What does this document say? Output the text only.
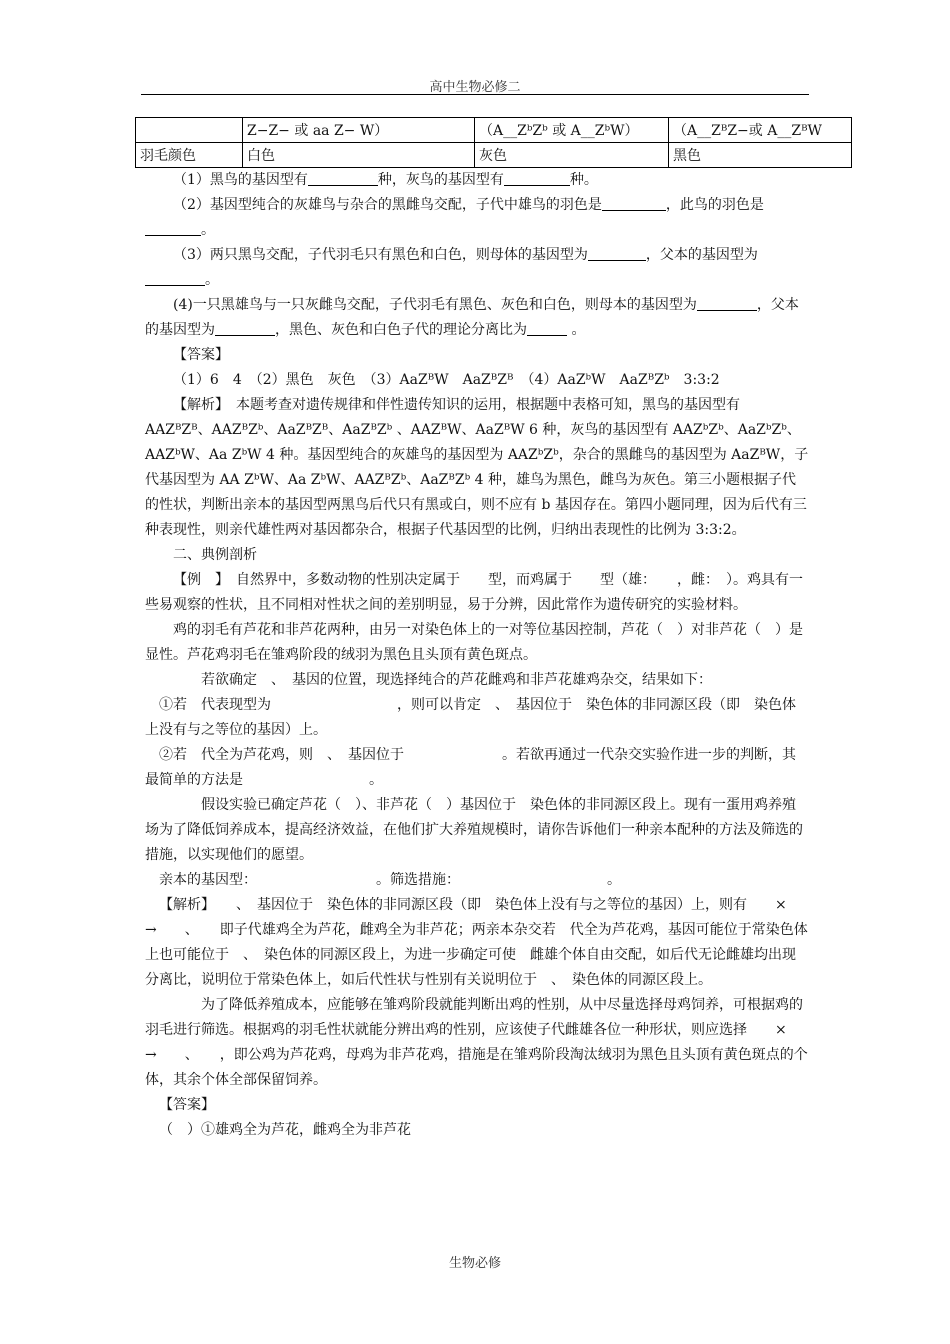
高中生物必修二
	Z−Z− 或 aa Z− W）	（A__ZᵇZᵇ 或 A__ZᵇW）	（A__ZᴮZ−或 A__ZᴮW
羽毛颜色	白色	灰色	黑色

（1）黑鸟的基因型有	种，灰鸟的基因型有	种。

（2）基因型纯合的灰雄鸟与杂合的黑雌鸟交配，子代中雄鸟的羽色是	，此鸟的羽色是。

（3）两只黑鸟交配，子代羽毛只有黑色和白色，则母体的基因型为	，父本的基因型为。

(4)一只黑雄鸟与一只灰雌鸟交配，子代羽毛有黑色、灰色和白色，则母本的基因型为	，父本的基因型为	，黑色、灰色和白色子代的理论分离比为	。

【答案】

（1）6　4　（2）黑色　灰色　（3）AaZᴮW　AaZᴮZᴮ　（4）AaZᵇW　AaZᴮZᵇ　3:3:2

【解析】　本题考查对遗传规律和伴性遗传知识的运用，根据题中表格可知，黑鸟的基因型有 AAZᴮZᴮ、AAZᴮZᵇ、AaZᴮZᴮ、AaZᴮZᵇ 、AAZᴮW、AaZᴮW 6 种，灰鸟的基因型有 AAZᵇZᵇ、AaZᵇZᵇ、AAZᵇW、Aa ZᵇW 4 种。基因型纯合的灰雄鸟的基因型为 AAZᵇZᵇ，杂合的黑雌鸟的基因型为 AaZᴮW，子代基因型为 AA ZᵇW、Aa ZᵇW、AAZᴮZᵇ、AaZᴮZᵇ 4 种，雄鸟为黑色，雌鸟为灰色。第三小题根据子代的性状，判断出亲本的基因型两黑鸟后代只有黑或白，则不应有 b 基因存在。第四小题同理，因为后代有三种表现性，则亲代雄性两对基因都杂合，根据子代基因型的比例，归纳出表现性的比例为 3:3:2。

二、典例剖析

【例　】　自然界中，多数动物的性别决定属于　　型，而鸡属于　　型（雄：　　，雌：　）。鸡具有一些易观察的性状，且不同相对性状之间的差别明显，易于分辨，因此常作为遗传研究的实验材料。

鸡的羽毛有芦花和非芦花两种，由另一对染色体上的一对等位基因控制，芦花（　）对非芦花（　）是显性。芦花鸡羽毛在雏鸡阶段的绒羽为黑色且头顶有黄色斑点。

若欲确定　、　基因的位置，现选择纯合的芦花雌鸡和非芦花雄鸡杂交，结果如下：

①若　代表现型为　　　　　　　　　，则可以肯定　、　基因位于　染色体的非同源区段（即　染色体上没有与之等位的基因）上。

②若　代全为芦花鸡，则　、　基因位于　　　　　　　。若欲再通过一代杂交实验作进一步的判断，其最简单的方法是　　　　　　　　　。

假设实验已确定芦花（　）、非芦花（　）基因位于　染色体的非同源区段上。现有一蛋用鸡养殖场为了降低饲养成本，提高经济效益，在他们扩大养殖规模时，请你告诉他们一种亲本配种的方法及筛选的措施，以实现他们的愿望。

亲本的基因型：　　　　　　　　　。筛选措施：　　　　　　　　　　　。

【解析】　　、　基因位于　染色体的非同源区段（即　染色体上没有与之等位的基因）上，则有　　×　　→　　、　　即子代雄鸡全为芦花，雌鸡全为非芦花；两亲本杂交若　代全为芦花鸡，基因可能位于常染色体上也可能位于　、　染色体的同源区段上，为进一步确定可使　雌雄个体自由交配，如后代无论雌雄均出现　　分离比，说明位于常染色体上，如后代性状与性别有关说明位于　、　染色体的同源区段上。

为了降低养殖成本，应能够在雏鸡阶段就能判断出鸡的性别，从中尽量选择母鸡饲养，可根据鸡的羽毛进行筛选。根据鸡的羽毛性状就能分辨出鸡的性别，应该使子代雌雄各位一种形状，则应选择　　×　　→　　、　　，即公鸡为芦花鸡，母鸡为非芦花鸡，措施是在雏鸡阶段淘汰绒羽为黑色且头顶有黄色斑点的个体，其余个体全部保留饲养。

【答案】

（　）①雄鸡全为芦花，雌鸡全为非芦花

生物必修
